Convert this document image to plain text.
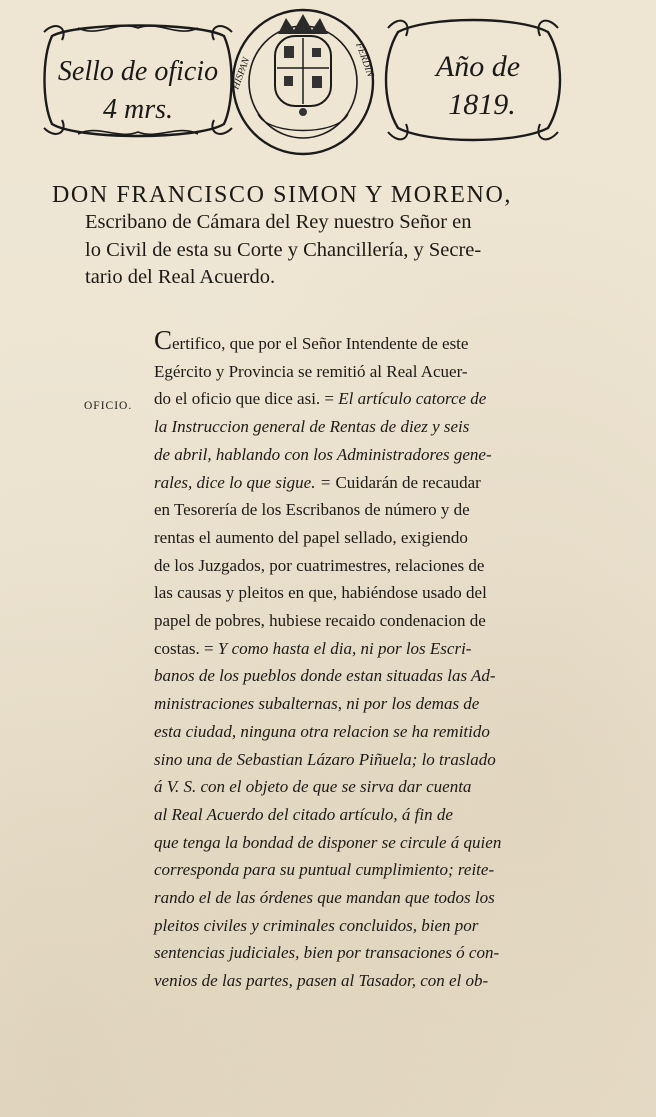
Sello de oficio
4 mrs.
HISPAN	FERDIN Año de
1819.
DON FRANCISCO SIMON Y MORENO,
Escribano de Cámara del Rey nuestro Señor en
lo Civil de esta su Corte y Chancillería, y Secre-
tario del Real Acuerdo.
OFICIO.
Certifico, que por el Señor Intendente de este
Egército y Provincia se remitió al Real Acuer-
do el oficio que dice asi. = El artículo catorce de
la Instruccion general de Rentas de diez y seis
de abril, hablando con los Administradores gene-
rales, dice lo que sigue. = Cuidarán de recaudar
en Tesorería de los Escribanos de número y de
rentas el aumento del papel sellado, exigiendo
de los Juzgados, por cuatrimestres, relaciones de
las causas y pleitos en que, habiéndose usado del
papel de pobres, hubiese recaido condenacion de
costas. = Y como hasta el dia, ni por los Escri-
banos de los pueblos donde estan situadas las Ad-
ministraciones subalternas, ni por los demas de
esta ciudad, ninguna otra relacion se ha remitido
sino una de Sebastian Lázaro Piñuela; lo traslado
á V. S. con el objeto de que se sirva dar cuenta
al Real Acuerdo del citado artículo, á fin de
que tenga la bondad de disponer se circule á quien
corresponda para su puntual cumplimiento; reite-
rando el de las órdenes que mandan que todos los
pleitos civiles y criminales concluidos, bien por
sentencias judiciales, bien por transaciones ó con-
venios de las partes, pasen al Tasador, con el ob-
